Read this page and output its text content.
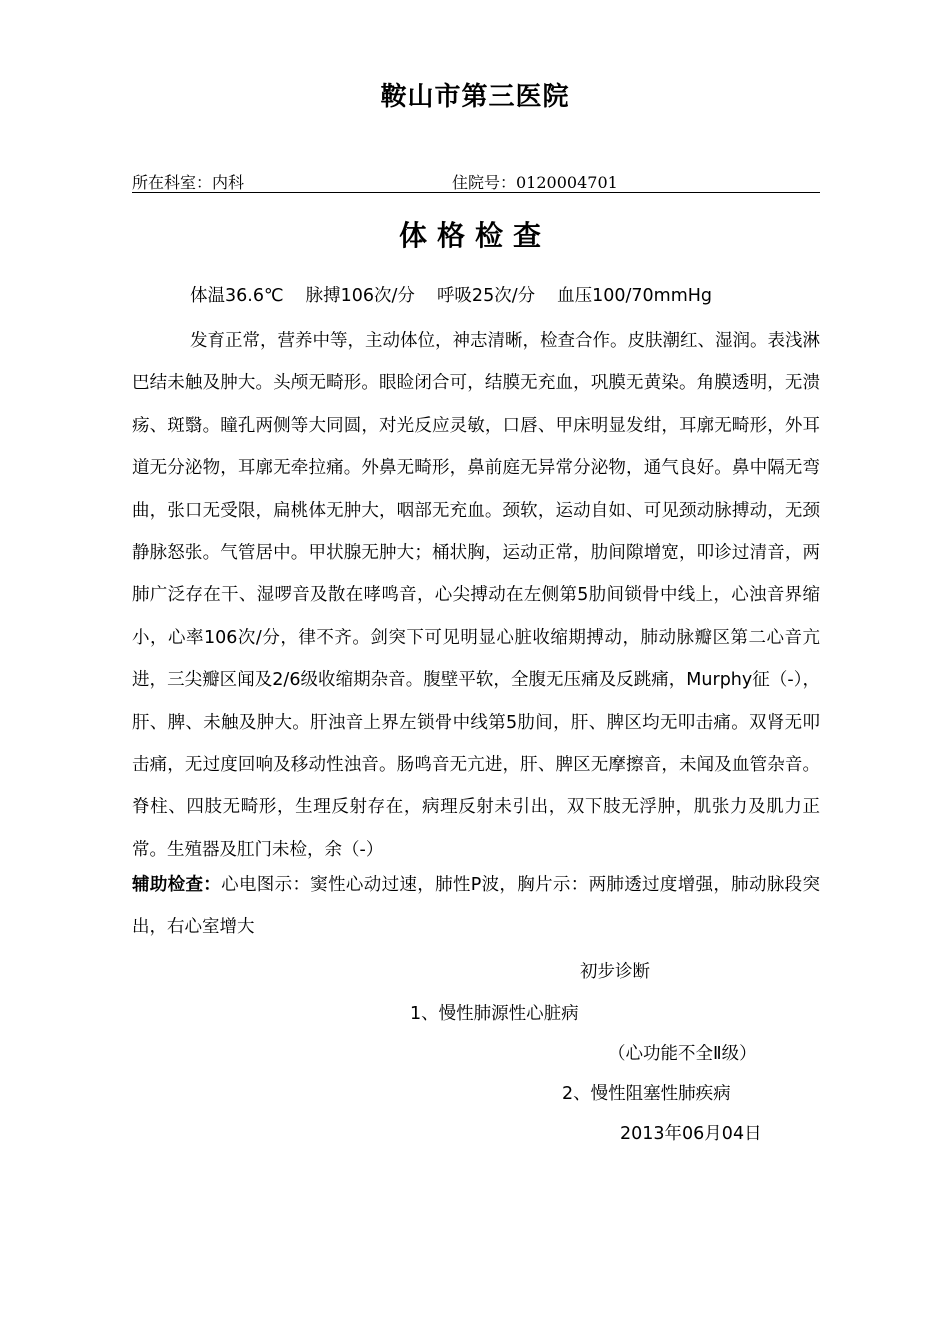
鞍山市第三医院
所在科室：内科	住院号：0120004701
体格检查
体温36.6℃ 脉搏106次/分 呼吸25次/分 血压100/70mmHg
发育正常，营养中等，主动体位，神志清晰，检查合作。皮肤潮红、湿润。表浅淋巴结未触及肿大。头颅无畸形。眼睑闭合可，结膜无充血，巩膜无黄染。角膜透明，无溃疡、斑翳。瞳孔两侧等大同圆，对光反应灵敏，口唇、甲床明显发绀，耳廓无畸形，外耳道无分泌物，耳廓无牵拉痛。外鼻无畸形，鼻前庭无异常分泌物，通气良好。鼻中隔无弯曲，张口无受限，扁桃体无肿大，咽部无充血。颈软，运动自如、可见颈动脉搏动，无颈静脉怒张。气管居中。甲状腺无肿大；桶状胸，运动正常，肋间隙增宽，叩诊过清音，两肺广泛存在干、湿啰音及散在哮鸣音，心尖搏动在左侧第5肋间锁骨中线上，心浊音界缩小，心率106次/分，律不齐。剑突下可见明显心脏收缩期搏动，肺动脉瓣区第二心音亢进，三尖瓣区闻及2/6级收缩期杂音。腹壁平软，全腹无压痛及反跳痛，Murphy征（-），肝、脾、未触及肿大。肝浊音上界左锁骨中线第5肋间，肝、脾区均无叩击痛。双肾无叩击痛，无过度回响及移动性浊音。肠鸣音无亢进，肝、脾区无摩擦音，未闻及血管杂音。脊柱、四肢无畸形，生理反射存在，病理反射未引出，双下肢无浮肿，肌张力及肌力正常。生殖器及肛门未检，余（-）
辅助检查：心电图示：窦性心动过速，肺性P波，胸片示：两肺透过度增强，肺动脉段突出，右心室增大
初步诊断
1、慢性肺源性心脏病
（心功能不全Ⅱ级）
2、慢性阻塞性肺疾病
2013年06月04日
